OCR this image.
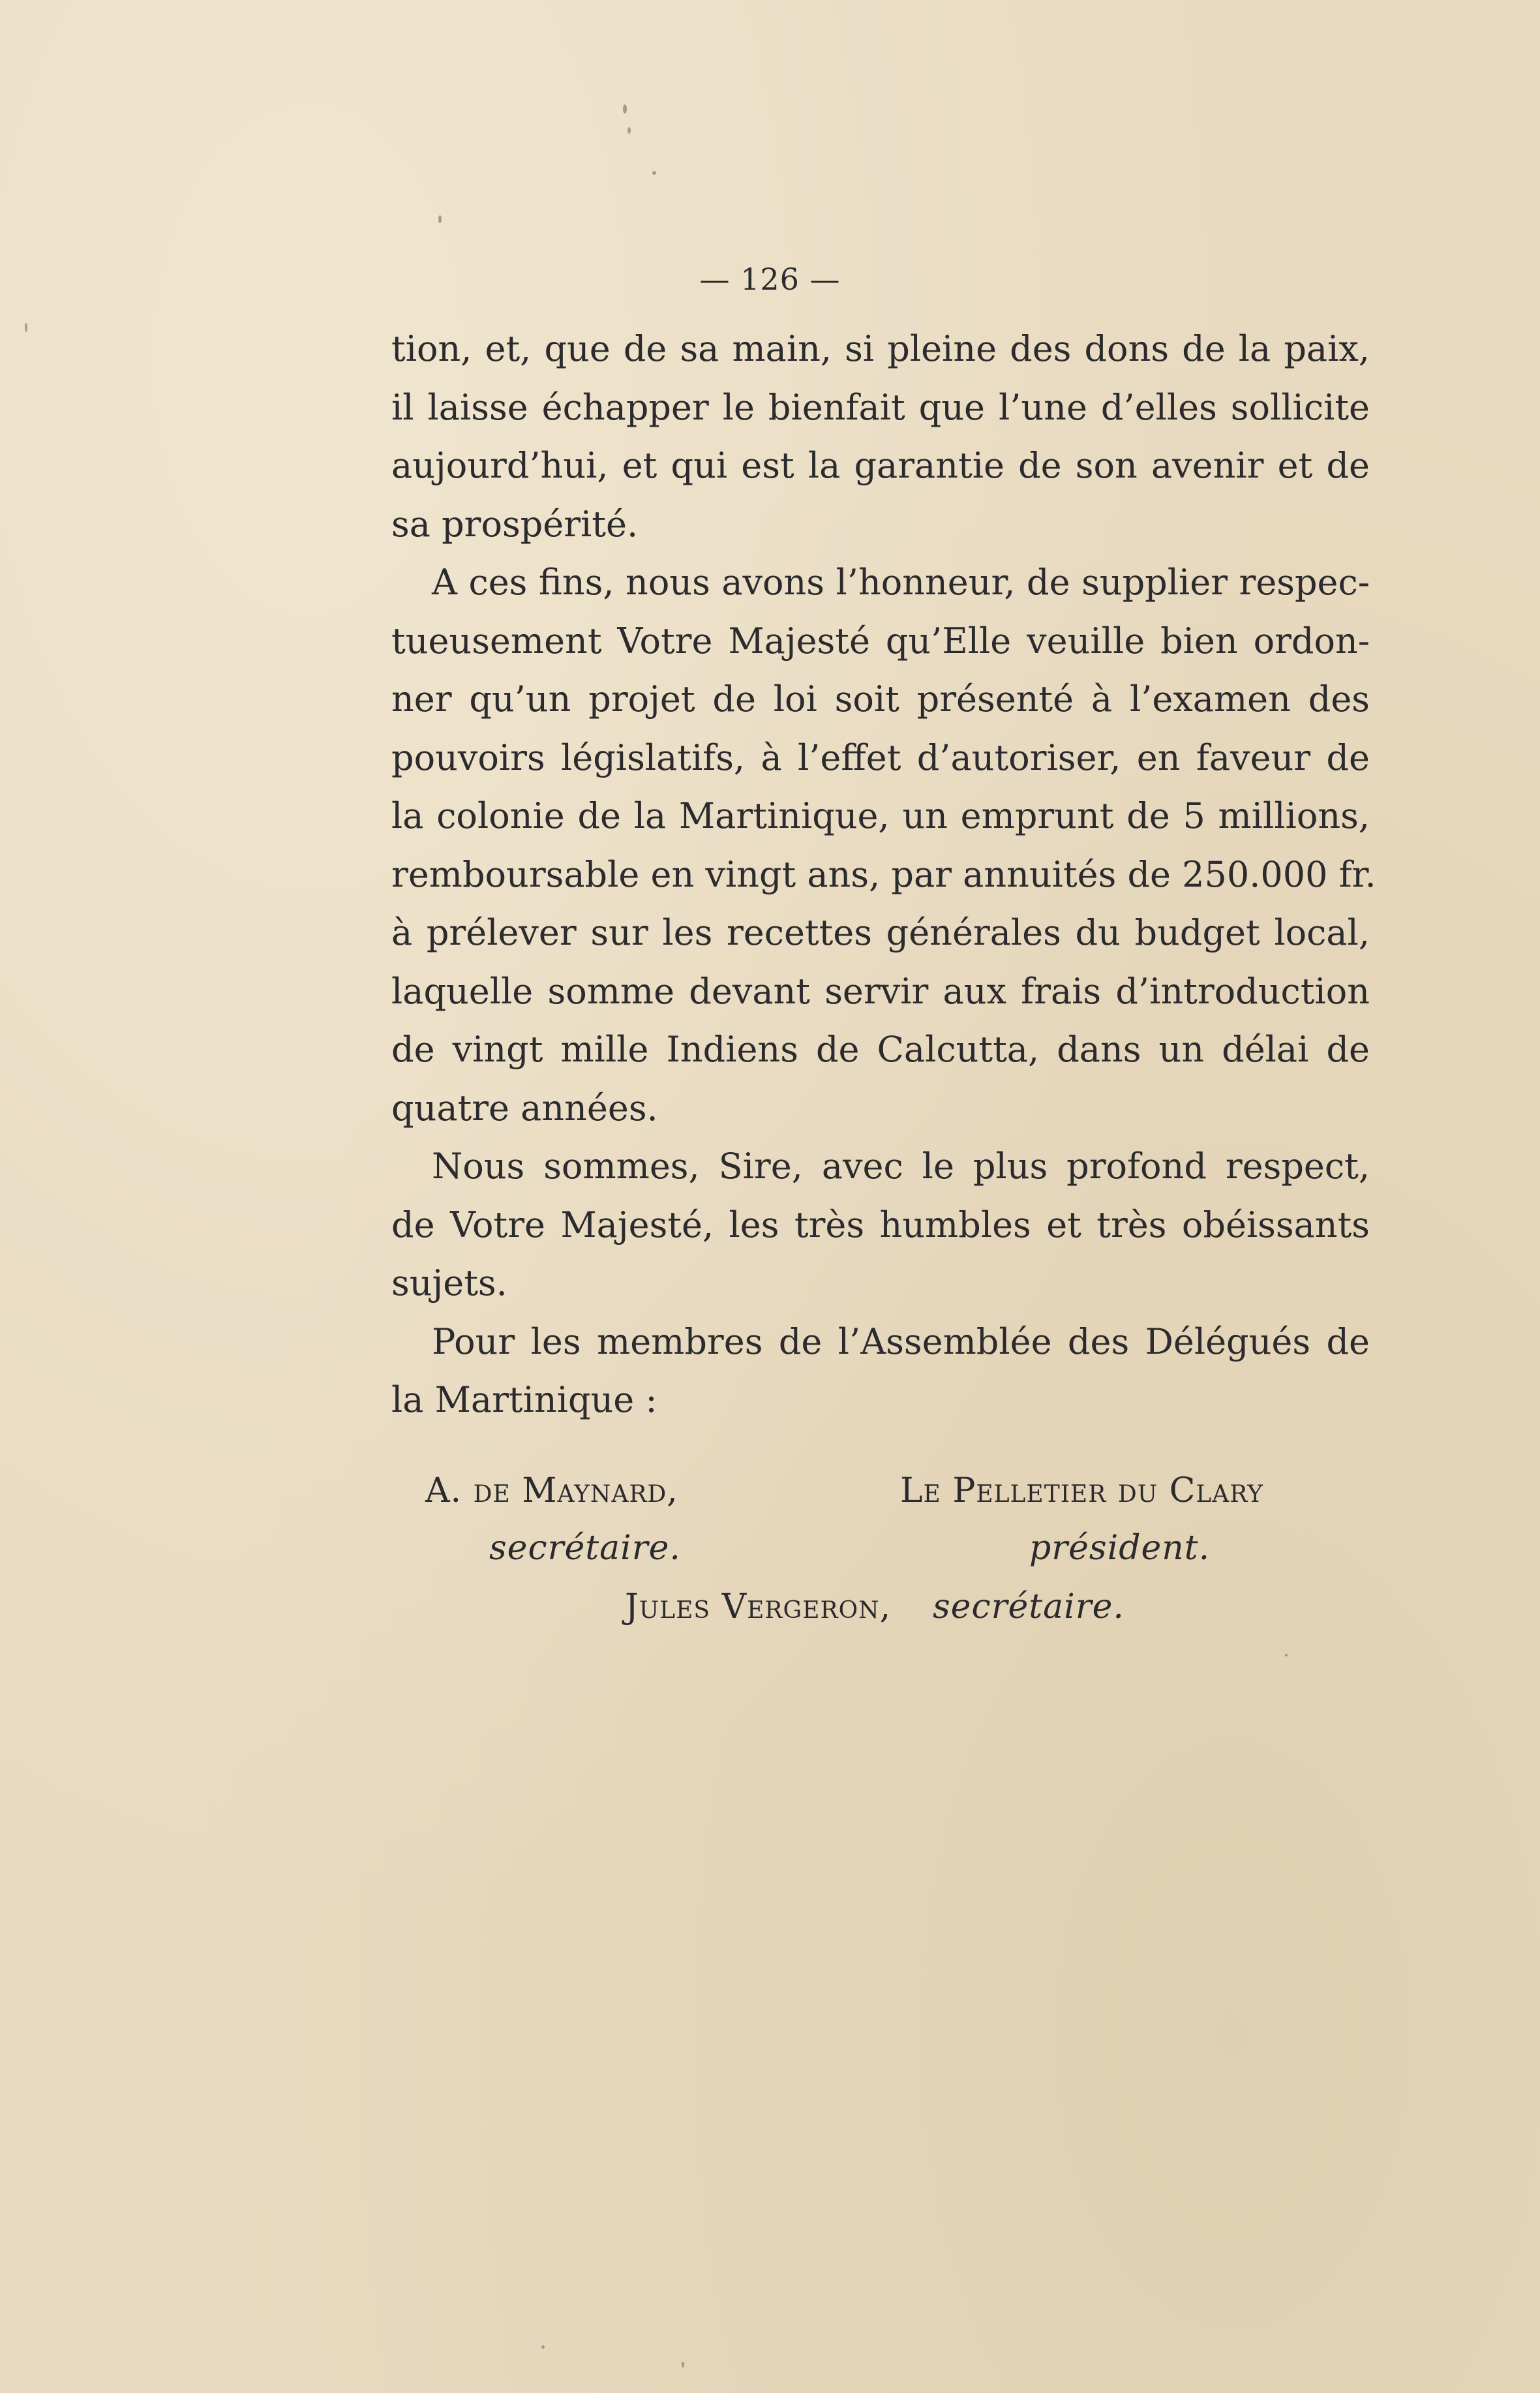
— 126 —
tion, et, que de sa main, si pleine des dons de la paix,
il laisse échapper le bienfait que l’une d’elles sollicite
aujourd’hui, et qui est la garantie de son avenir et de
sa prospérité.
A ces fins, nous avons l’honneur, de supplier respec-
tueusement Votre Majesté qu’Elle veuille bien ordon-
ner qu’un projet de loi soit présenté à l’examen des
pouvoirs législatifs, à l’effet d’autoriser, en faveur de
la colonie de la Martinique, un emprunt de 5 millions,
remboursable en vingt ans, par annuités de 250.000 fr.
à prélever sur les recettes générales du budget local,
laquelle somme devant servir aux frais d’introduction
de vingt mille Indiens de Calcutta, dans un délai de
quatre années.
Nous sommes, Sire, avec le plus profond respect,
de Votre Majesté, les très humbles et très obéissants
sujets.
Pour les membres de l’Assemblée des Délégués de
la Martinique :
A. de Maynard,
secrétaire.
Le Pelletier du Clary
président.
Jules Vergeron, secrétaire.
